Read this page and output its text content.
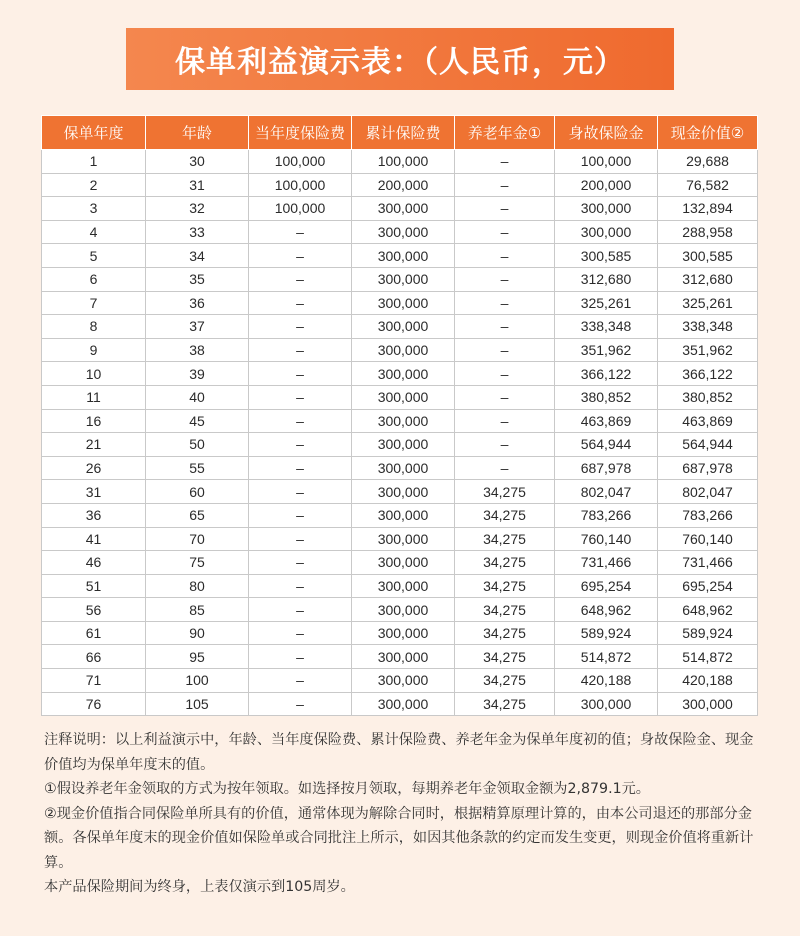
保单利益演示表：（人民币，元）
保单年度	年龄	当年度保险费	累计保险费	养老年金①	身故保险金	现金价值②
1	30	100,000	100,000	–	100,000	29,688
2	31	100,000	200,000	–	200,000	76,582
3	32	100,000	300,000	–	300,000	132,894
4	33	–	300,000	–	300,000	288,958
5	34	–	300,000	–	300,585	300,585
6	35	–	300,000	–	312,680	312,680
7	36	–	300,000	–	325,261	325,261
8	37	–	300,000	–	338,348	338,348
9	38	–	300,000	–	351,962	351,962
10	39	–	300,000	–	366,122	366,122
11	40	–	300,000	–	380,852	380,852
16	45	–	300,000	–	463,869	463,869
21	50	–	300,000	–	564,944	564,944
26	55	–	300,000	–	687,978	687,978
31	60	–	300,000	34,275	802,047	802,047
36	65	–	300,000	34,275	783,266	783,266
41	70	–	300,000	34,275	760,140	760,140
46	75	–	300,000	34,275	731,466	731,466
51	80	–	300,000	34,275	695,254	695,254
56	85	–	300,000	34,275	648,962	648,962
61	90	–	300,000	34,275	589,924	589,924
66	95	–	300,000	34,275	514,872	514,872
71	100	–	300,000	34,275	420,188	420,188
76	105	–	300,000	34,275	300,000	300,000

注释说明：以上利益演示中，年龄、当年度保险费、累计保险费、养老年金为保单年度初的值；身故保险金、现金价值均为保单年度末的值。

①假设养老年金领取的方式为按年领取。如选择按月领取，每期养老年金领取金额为2,879.1元。

②现金价值指合同保险单所具有的价值，通常体现为解除合同时，根据精算原理计算的，由本公司退还的那部分金额。各保单年度末的现金价值如保险单或合同批注上所示，如因其他条款的约定而发生变更，则现金价值将重新计算。

本产品保险期间为终身，上表仅演示到105周岁。
